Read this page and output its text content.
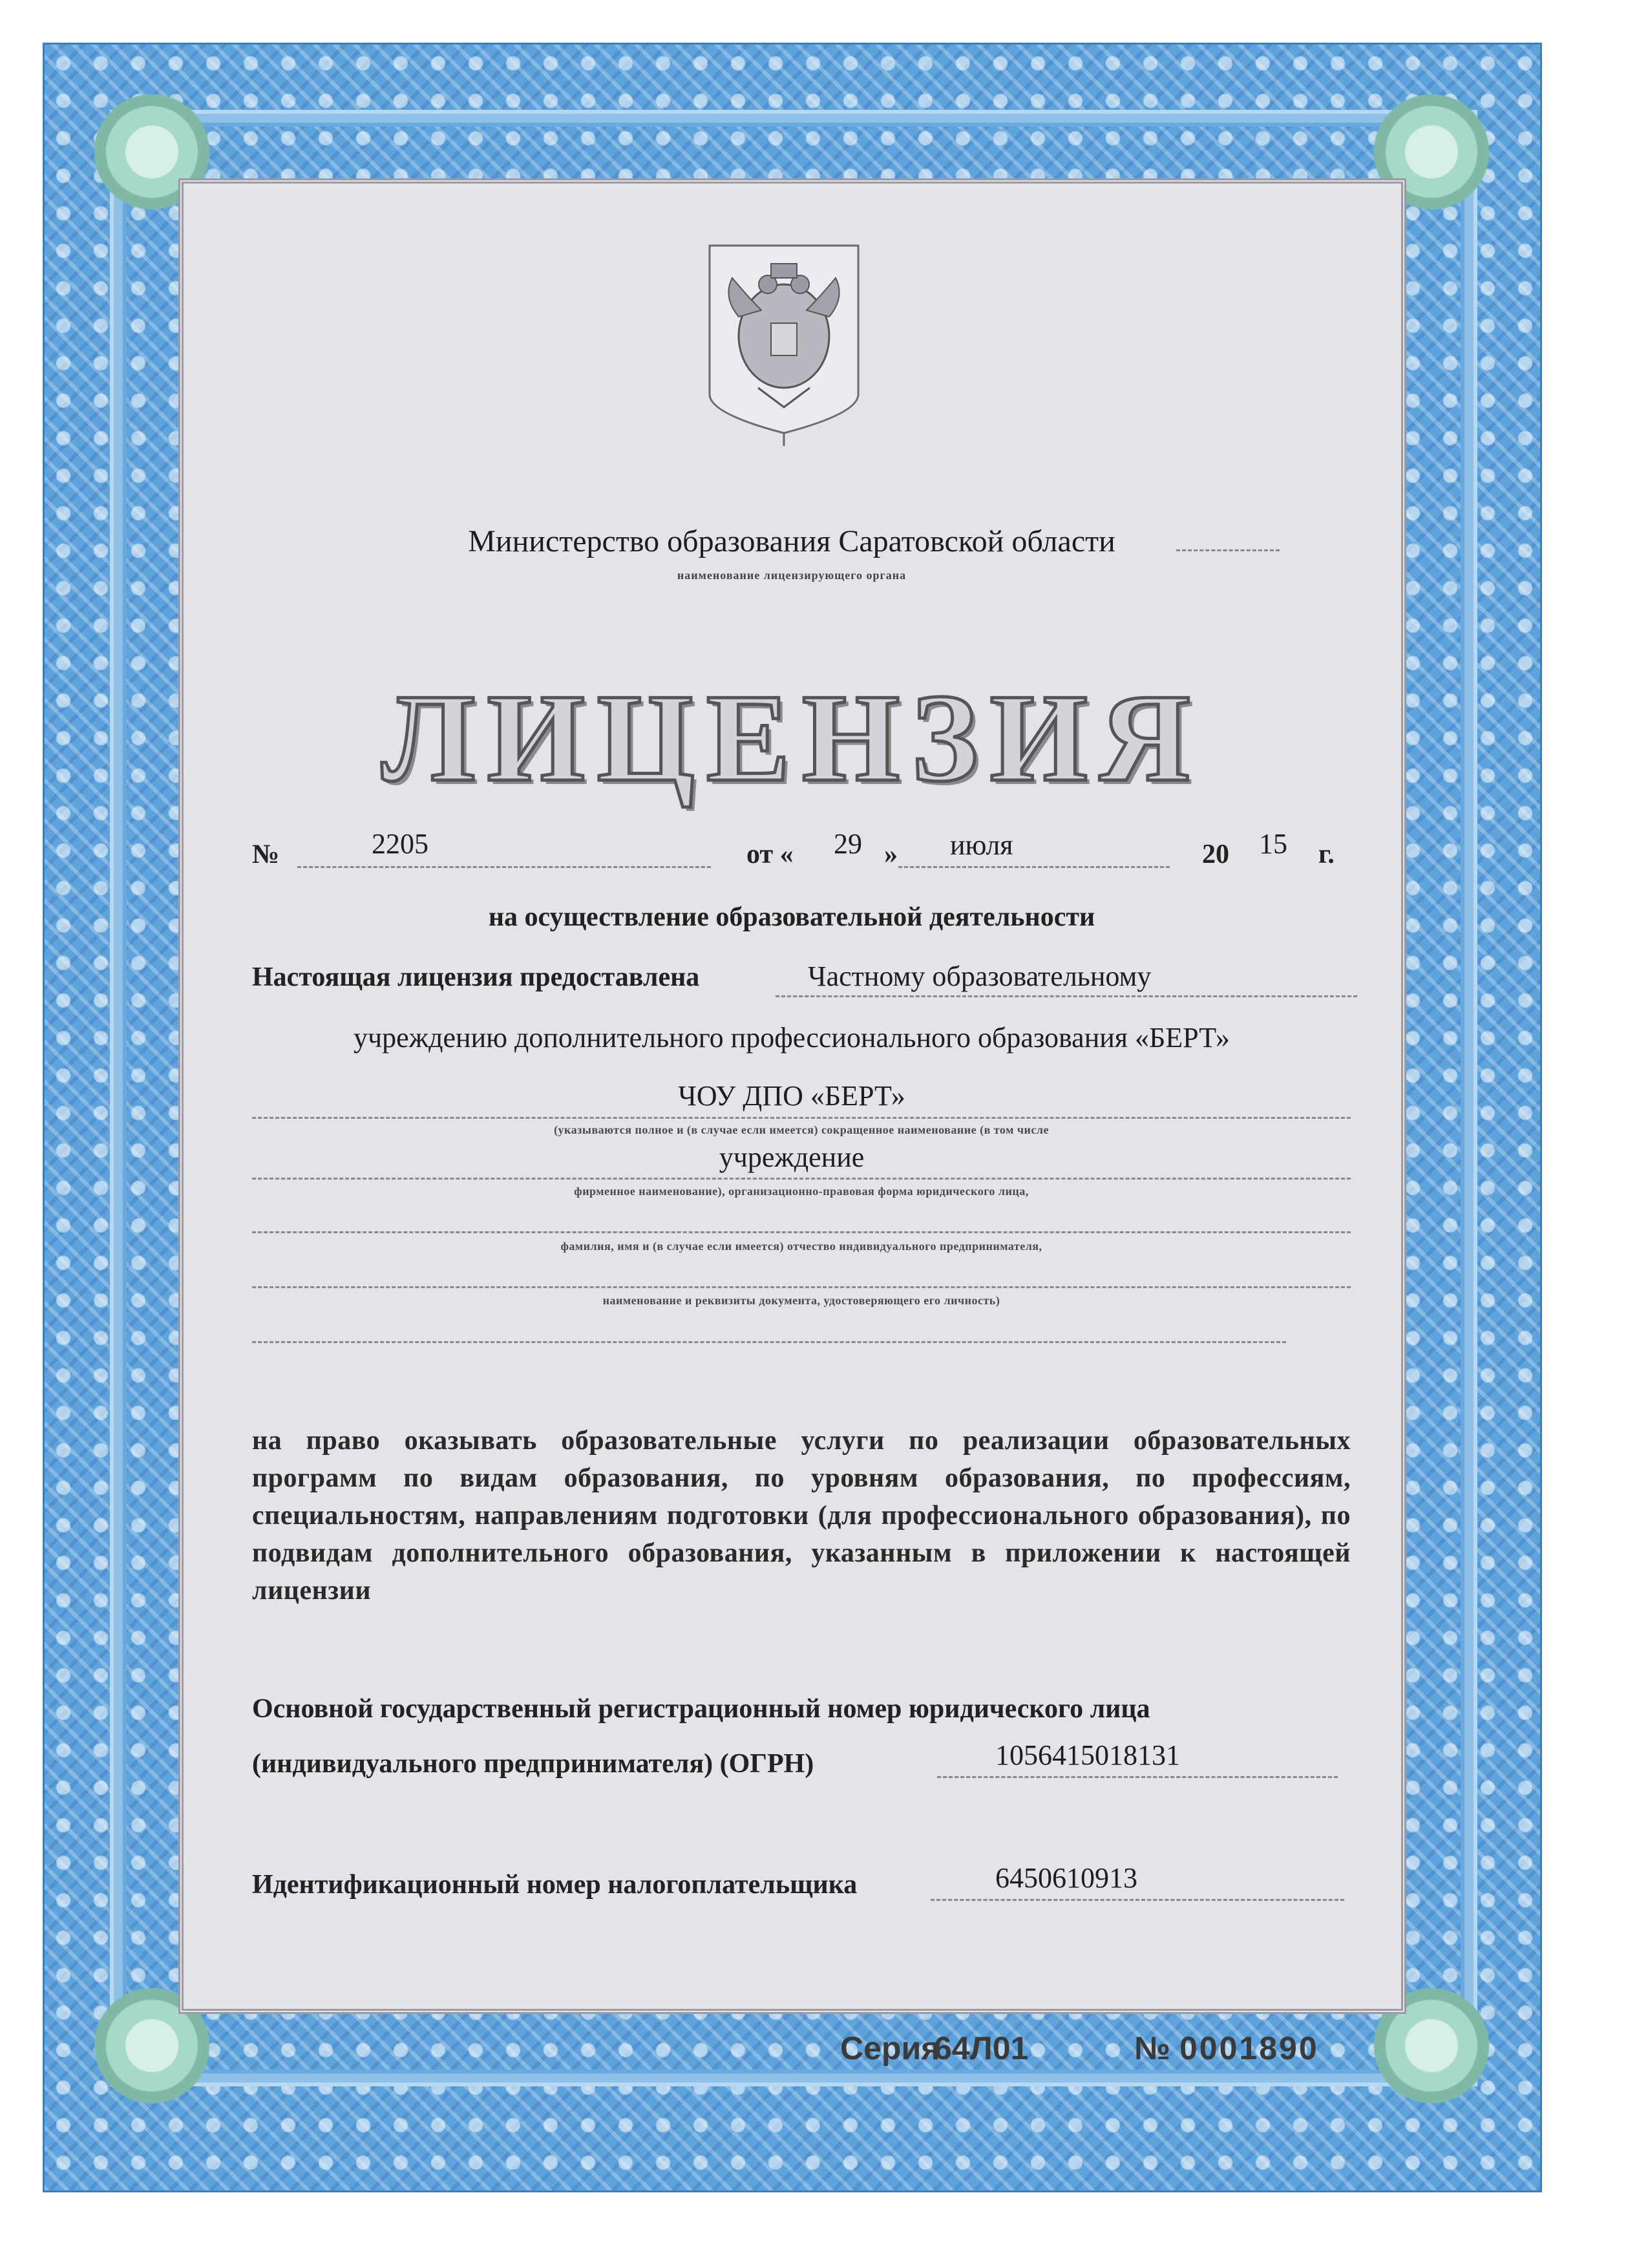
Министерство образования Саратовской области
наименование лицензирующего органа
ЛИЦЕНЗИЯ
№	2205	от « 29 » июля	20 15 г.
на осуществление образовательной деятельности
Настоящая лицензия предоставлена	Частному образовательному
учреждению дополнительного профессионального образования «БЕРТ»
ЧОУ ДПО «БЕРТ»
(указываются полное и (в случае если имеется) сокращенное наименование (в том числе
учреждение
фирменное наименование), организационно-правовая форма юридического лица,
фамилия, имя и (в случае если имеется) отчество индивидуального предпринимателя,
наименование и реквизиты документа, удостоверяющего его личность)
на право оказывать образовательные услуги по реализации образовательных программ по видам образования, по уровням образования, по профессиям, специальностям, направлениям подготовки (для профессионального образования), по подвидам дополнительного образования, указанным в приложении к настоящей лицензии
Основной государственный регистрационный номер юридического лица
(индивидуального предпринимателя) (ОГРН)	1056415018131
Идентификационный номер налогоплательщика	6450610913
Серия
64Л01	№ 0001890
